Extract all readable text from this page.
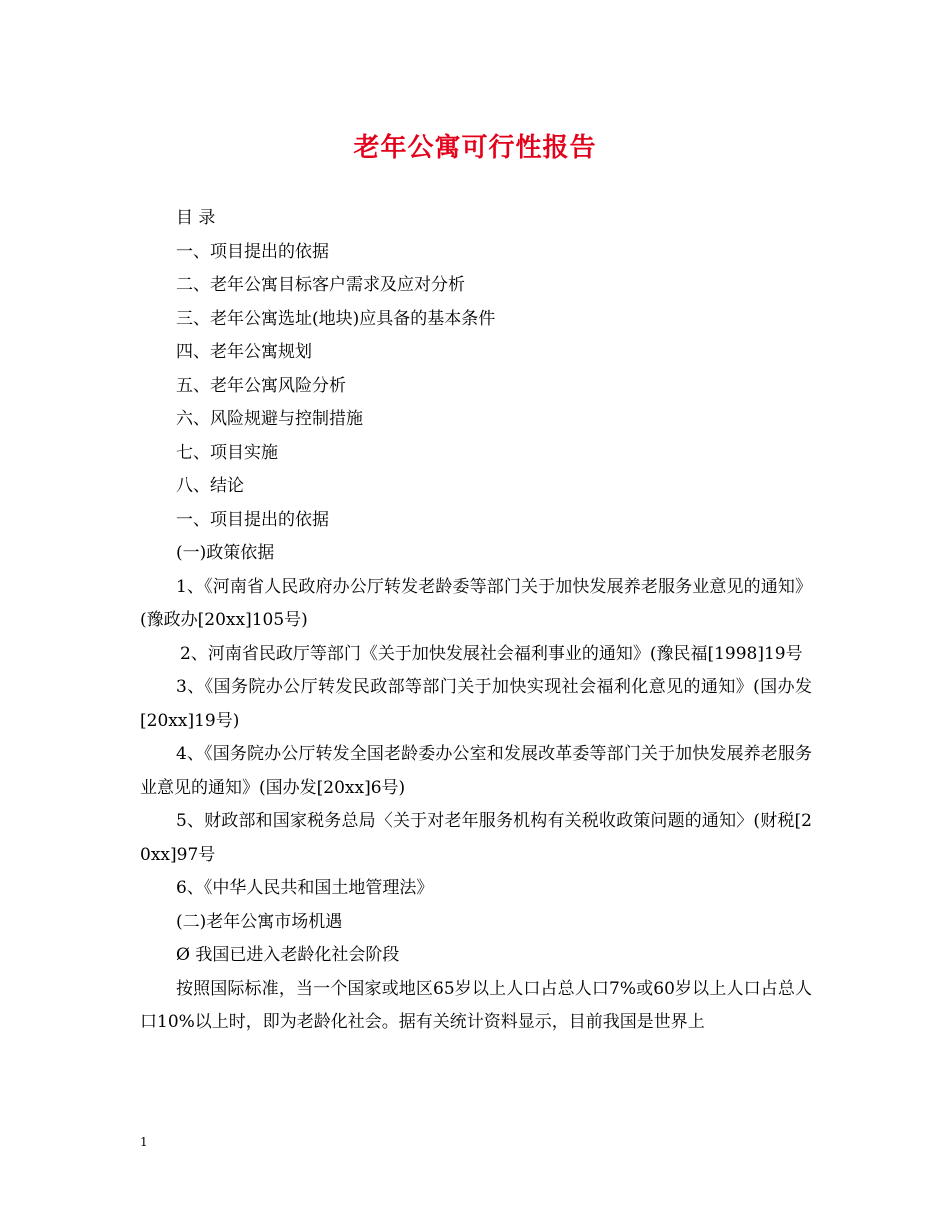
老年公寓可行性报告

目 录

一、项目提出的依据

二、老年公寓目标客户需求及应对分析

三、老年公寓选址(地块)应具备的基本条件

四、老年公寓规划

五、老年公寓风险分析

六、风险规避与控制措施

七、项目实施

八、结论

一、项目提出的依据

(一)政策依据

1、《河南省人民政府办公厅转发老龄委等部门关于加快发展养老服务业意见的通知》(豫政办[20xx]105号)

2、河南省民政厅等部门《关于加快发展社会福利事业的通知》(豫民福[1998]19号

3、《国务院办公厅转发民政部等部门关于加快实现社会福利化意见的通知》(国办发[20xx]19号)

4、《国务院办公厅转发全国老龄委办公室和发展改革委等部门关于加快发展养老服务业意见的通知》(国办发[20xx]6号)

5、财政部和国家税务总局〈关于对老年服务机构有关税收政策问题的通知〉(财税[20xx]97号

6、《中华人民共和国土地管理法》

(二)老年公寓市场机遇

Ø 我国已进入老龄化社会阶段

按照国际标准，当一个国家或地区65岁以上人口占总人口7%或60岁以上人口占总人口10%以上时，即为老龄化社会。据有关统计资料显示，目前我国是世界上

1
